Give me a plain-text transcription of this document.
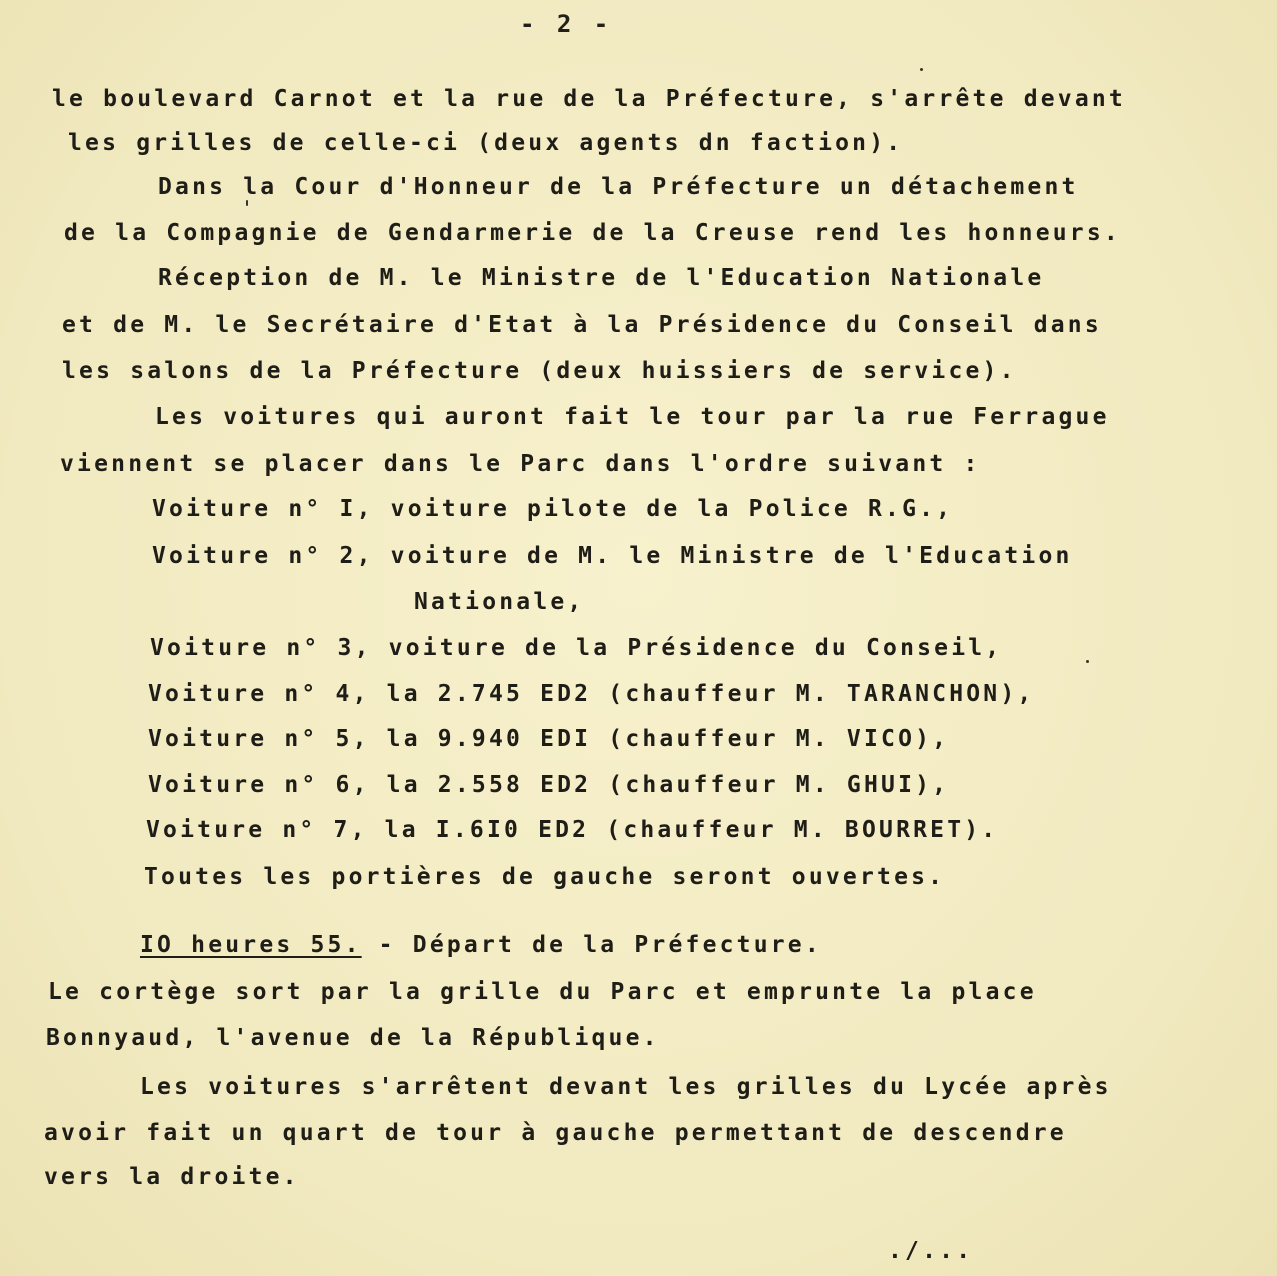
- 2 -
le boulevard Carnot et la rue de la Préfecture, s'arrête devant
les grilles de celle-ci (deux agents dn faction).
Dans la Cour d'Honneur de la Préfecture un détachement
de la Compagnie de Gendarmerie de la Creuse rend les honneurs.
Réception de M. le Ministre de l'Education Nationale
et de M. le Secrétaire d'Etat à la Présidence du Conseil dans
les salons de la Préfecture (deux huissiers de service).
Les voitures qui auront fait le tour par la rue Ferrague
viennent se placer dans le Parc dans l'ordre suivant :
Voiture n° I, voiture pilote de la Police R.G.,
Voiture n° 2, voiture de M. le Ministre de l'Education
Nationale,
Voiture n° 3, voiture de la Présidence du Conseil,
Voiture n° 4, la 2.745 ED2 (chauffeur M. TARANCHON),
Voiture n° 5, la 9.940 EDI (chauffeur M. VICO),
Voiture n° 6, la 2.558 ED2 (chauffeur M. GHUI),
Voiture n° 7, la I.6I0 ED2 (chauffeur M. BOURRET).
Toutes les portières de gauche seront ouvertes.
IO heures 55. - Départ de la Préfecture.
Le cortège sort par la grille du Parc et emprunte la place
Bonnyaud, l'avenue de la République.
Les voitures s'arrêtent devant les grilles du Lycée après
avoir fait un quart de tour à gauche permettant de descendre
vers la droite.
./...
